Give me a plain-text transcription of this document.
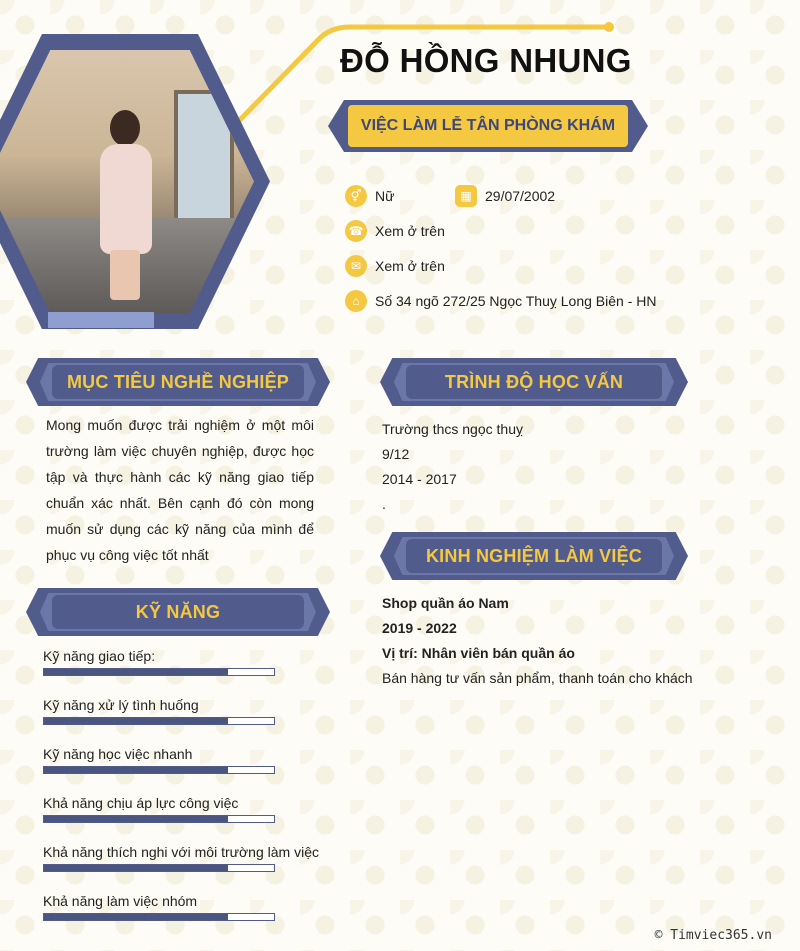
ĐỖ HỒNG NHUNG
VIỆC LÀM LỄ TÂN PHÒNG KHÁM
⚥ Nữ	▦ 29/07/2002
☎ Xem ở trên
✉ Xem ở trên
⌂	Số 34 ngõ 272/25 Ngọc Thuỵ Long Biên - HN
MỤC TIÊU NGHỀ NGHIỆP
Mong muốn được trải nghiệm ở một môi trường làm việc chuyên nghiệp, được học tập và thực hành các kỹ năng giao tiếp chuẩn xác nhất. Bên cạnh đó còn mong muốn sử dụng các kỹ năng của mình để phục vụ công việc tốt nhất
KỸ NĂNG
Kỹ năng giao tiếp:
Kỹ năng xử lý tình huống
Kỹ năng học việc nhanh
Khả năng chịu áp lực công việc
Khả năng thích nghi với môi trường làm việc
Khả năng làm việc nhóm
TRÌNH ĐỘ HỌC VẤN
Trường thcs ngọc thuỵ
9/12
2014 - 2017
.
KINH NGHIỆM LÀM VIỆC
Shop quần áo Nam
2019 - 2022
Vị trí: Nhân viên bán quần áo
Bán hàng tư vấn sản phẩm, thanh toán cho khách
© Timviec365.vn
